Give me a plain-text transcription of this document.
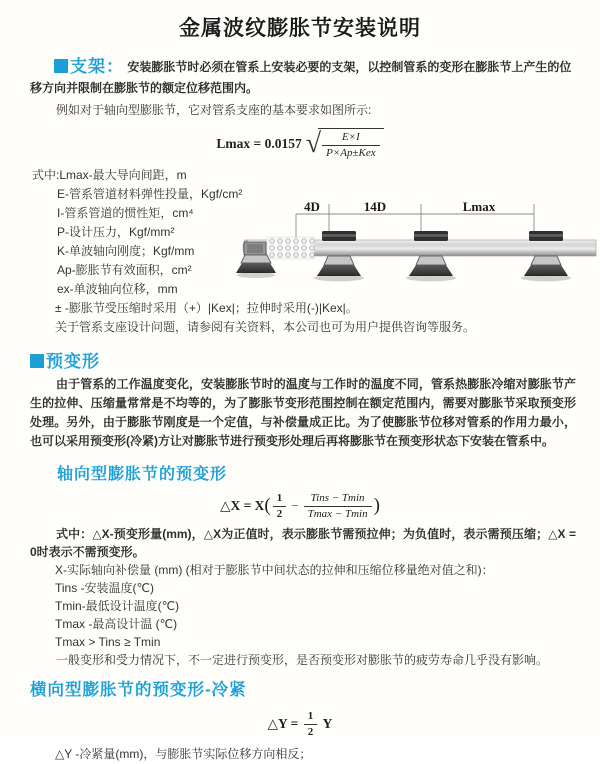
金属波纹膨胀节安装说明

支架： 安装膨胀节时必须在管系上安装必要的支架，以控制管系的变形在膨胀节上产生的位移方向并限制在膨胀节的额定位移范围内。

例如对于轴向型膨胀节，它对管系支座的基本要求如图所示:

Lmax = 0.0157 √ $\frac{E\times I}{\text{P×Ap±Kex}}$

式中:Lmax-最大导向间距，m

E-管系管道材料弹性投量，Kgf/cm²

I-管系管道的惯性矩，cm⁴

P-设计压力，Kgf/mm²

K-单波轴向刚度；Kgf/mm

Ap-膨胀节有效面积，cm²

ex-单波轴向位移，mm

± -膨胀节受压缩时采用（+）|Kex|；拉伸时采用(-)|Kex|。

关于管系支座设计问题，请参阅有关资料，本公司也可为用户提供咨询等服务。

4D	14D	Lmax
预变形

由于管系的工作温度变化，安装膨胀节时的温度与工作时的温度不同，管系热膨胀冷缩对膨胀节产生的拉伸、压缩量常常是不均等的，为了膨胀节变形范围控制在额定范围内，需要对膨胀节采取预变形处理。另外，由于膨胀节刚度是一个定值，与补偿量成正比。为了使膨胀节位移对管系的作用力最小，也可以采用预变形(冷紧)方让对膨胀节进行预变形处理后再将膨胀节在预变形状态下安装在管系中。

轴向型膨胀节的预变形
△X = $X( \frac{1}{2} - \frac{\text{Tins − Tmin}}{Tmax - Tmin}$ )

式中：△X-预变形量(mm)，△X为正值时，表示膨胀节需预拉伸；为负值时，表示需预压缩；△X = 0时表示不需预变形。

X-实际轴向补偿量 (mm) (相对于膨胀节中间状态的拉伸和压缩位移量绝对值之和)：

Tins -安装温度(℃)

Tmin-最低设计温度(℃)

Tmax -最高设计温 (℃)

Tmax > Tins ≥ Tmin

一般变形和受力情况下，不一定进行预变形，是否预变形对膨胀节的疲劳寿命几乎没有影响。

横向型膨胀节的预变形-冷紧
△Y = $\frac{1}{2}$ Y

△Y -冷紧量(mm)，与膨胀节实际位移方向相反；
